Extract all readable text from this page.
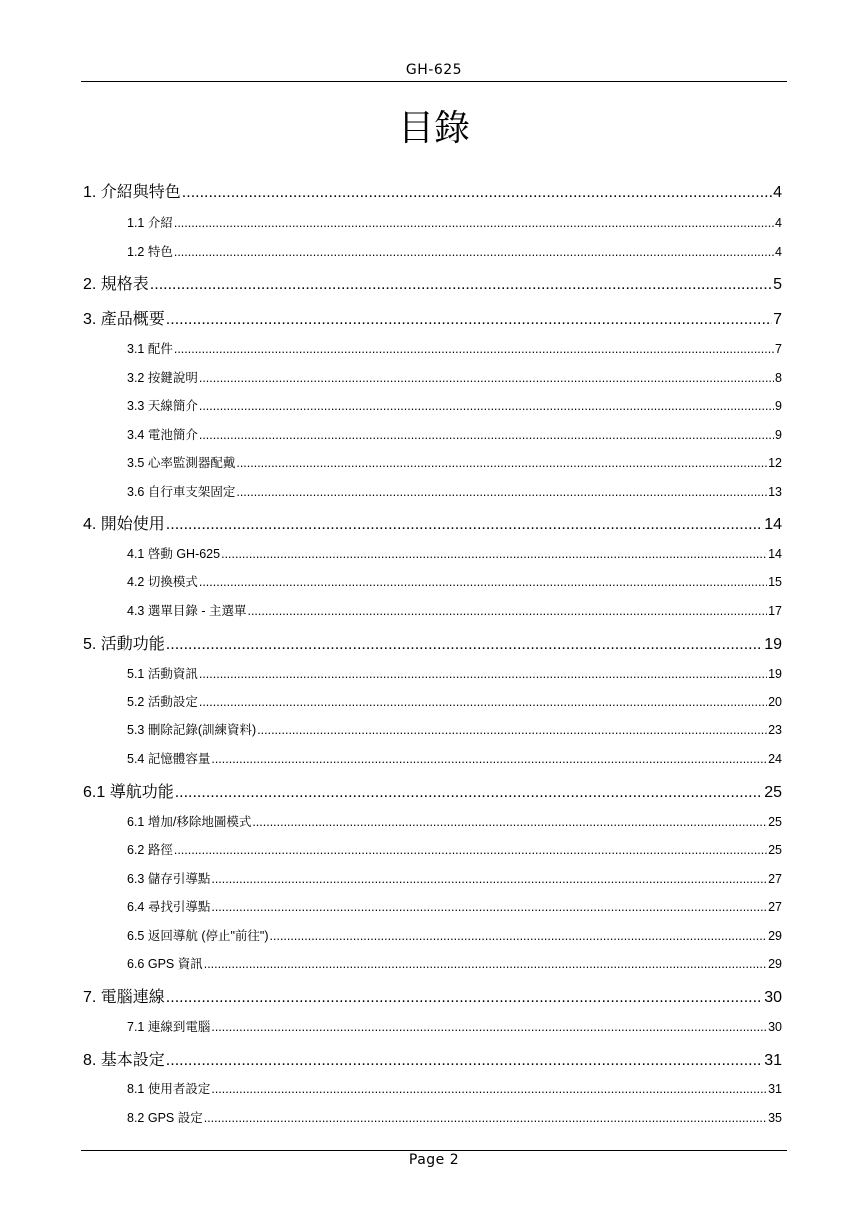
GH-625
目錄
1. 介紹與特色 .....	4
1.1 介紹 .....	4
1.2 特色 .....	4
2. 規格表 .....	5
3. 產品概要 .....	7
3.1 配件 .....	7
3.2 按鍵說明 .....	8
3.3 天線簡介 .....	9
3.4 電池簡介 .....	9
3.5 心率監測器配戴 .....	12
3.6 自行車支架固定 .....	13
4. 開始使用 .....	14
4.1 啓動 GH-625 .....	14
4.2 切換模式 .....	15
4.3 選單目錄 - 主選單 .....	17
5. 活動功能 .....	19
5.1 活動資訊 .....	19
5.2 活動設定 .....	20
5.3 刪除記錄(訓練資料) .....	23
5.4 記憶體容量 .....	24
6.1 導航功能 .....	25
6.1 增加/移除地圖模式 .....	25
6.2 路徑 .....	25
6.3 儲存引導點 .....	27
6.4 尋找引導點 .....	27
6.5 返回導航 (停止"前往") .....	29
6.6 GPS 資訊 .....	29
7. 電腦連線 .....	30
7.1 連線到電腦 .....	30
8. 基本設定 .....	31
8.1 使用者設定 .....	31
8.2 GPS 設定 .....	35
Page 2
